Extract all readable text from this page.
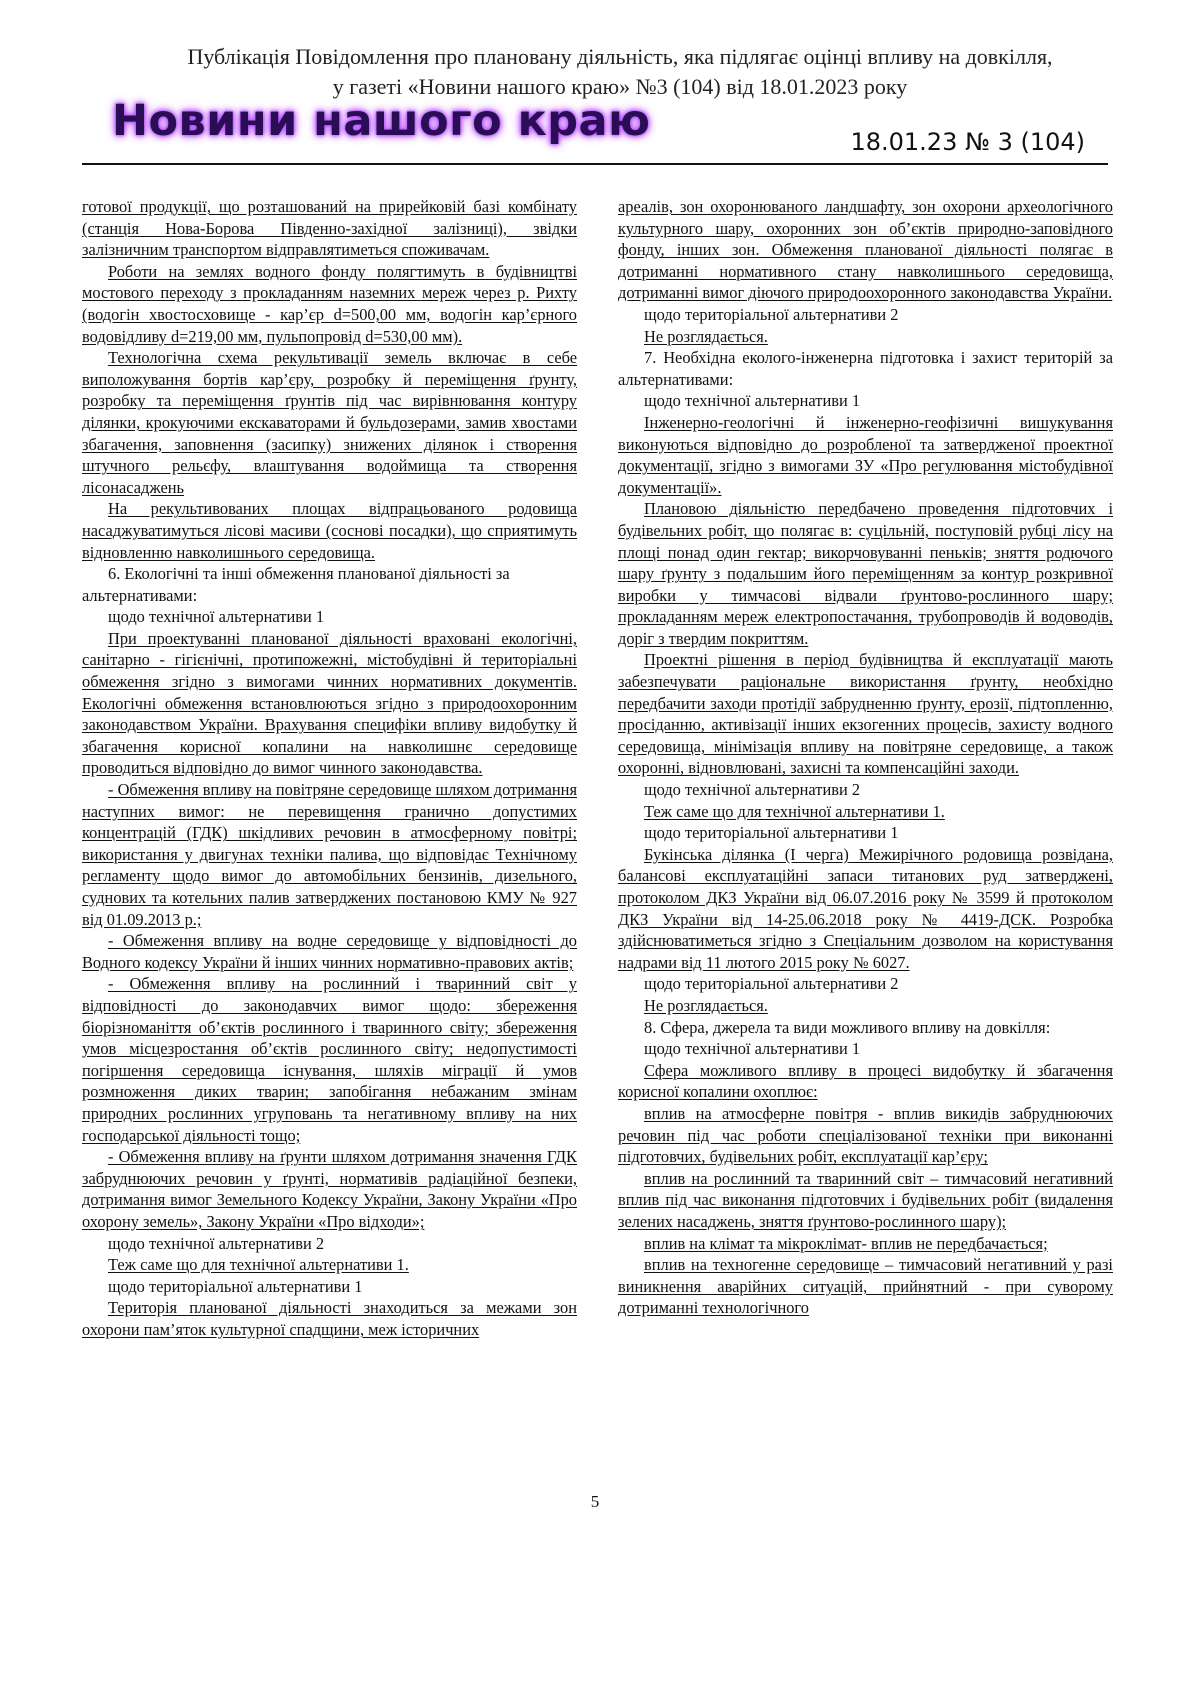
Публікація Повідомлення про плановану діяльність, яка підлягає оцінці впливу на довкілля,
у газеті «Новини нашого краю» №3 (104) від 18.01.2023 року
Новини нашого краю	18.01.23 № 3 (104)

готової продукції, що розташований на прирейковій базі комбінату (станція Нова-Борова Південно-західної залізниці), звідки залізничним транспортом відправлятиметься споживачам.

Роботи на землях водного фонду полягтимуть в будівництві мостового переходу з прокладанням наземних мереж через р. Рихту (водогін хвостосховище - кар’єр d=500,00 мм, водогін кар’єрного водовідливу d=219,00 мм, пульпопровід d=530,00 мм).

Технологічна схема рекультивації земель включає в себе виположування бортів кар’єру, розробку й переміщення ґрунту, розробку та переміщення ґрунтів під час вирівнювання контуру ділянки, крокуючими екскаваторами й бульдозерами, замив хвостами збагачення, заповнення (засипку) знижених ділянок і створення штучного рельєфу, влаштування водоймища та створення лісонасаджень

На рекультивованих площах відпрацьованого родовища насаджуватимуться лісові масиви (соснові посадки), що сприятимуть відновленню навколишнього середовища.

6. Екологічні та інші обмеження планованої діяльності за альтернативами:

щодо технічної альтернативи 1

При проектуванні планованої діяльності враховані екологічні, санітарно - гігієнічні, протипожежні, містобудівні й територіальні обмеження згідно з вимогами чинних нормативних документів. Екологічні обмеження встановлюються згідно з природоохоронним законодавством України. Врахування специфіки впливу видобутку й збагачення корисної копалини на навколишнє середовище проводиться відповідно до вимог чинного законодавства.

- Обмеження впливу на повітряне середовище шляхом дотримання наступних вимог: не перевищення гранично допустимих концентрацій (ГДК) шкідливих речовин в атмосферному повітрі; використання у двигунах техніки палива, що відповідає Технічному регламенту щодо вимог до автомобільних бензинів, дизельного, суднових та котельних палив затверджених постановою КМУ № 927 від 01.09.2013 р.;

- Обмеження впливу на водне середовище у відповідності до Водного кодексу України й інших чинних нормативно-правових актів;

- Обмеження впливу на рослинний і тваринний світ у відповідності до законодавчих вимог щодо: збереження біорізноманіття об’єктів рослинного і тваринного світу; збереження умов місцезростання об’єктів рослинного світу; недопустимості погіршення середовища існування, шляхів міграції й умов розмноження диких тварин; запобігання небажаним змінам природних рослинних угруповань та негативному впливу на них господарської діяльності тощо;

- Обмеження впливу на ґрунти шляхом дотримання значення ГДК забруднюючих речовин у ґрунті, нормативів радіаційної безпеки, дотримання вимог Земельного Кодексу України, Закону України «Про охорону земель», Закону України «Про відходи»;

щодо технічної альтернативи 2

Теж саме що для технічної альтернативи 1.

щодо територіальної альтернативи 1

Територія планованої діяльності знаходиться за межами зон охорони пам’яток культурної спадщини, меж історичних

ареалів, зон охоронюваного ландшафту, зон охорони археологічного культурного шару, охоронних зон об’єктів природно-заповідного фонду, інших зон. Обмеження планованої діяльності полягає в дотриманні нормативного стану навколишнього середовища, дотриманні вимог діючого природоохоронного законодавства України.

щодо територіальної альтернативи 2

Не розглядається.

7. Необхідна еколого-інженерна підготовка і захист територій за альтернативами:

щодо технічної альтернативи 1

Інженерно-геологічні й інженерно-геофізичні вишукування виконуються відповідно до розробленої та затвердженої проектної документації, згідно з вимогами ЗУ «Про регулювання містобудівної документації».

Плановою діяльністю передбачено проведення підготовчих і будівельних робіт, що полягає в: суцільній, поступовій рубці лісу на площі понад один гектар; викорчовуванні пеньків; зняття родючого шару ґрунту з подальшим його переміщенням за контур розкривної виробки у тимчасові відвали ґрунтово-рослинного шару; прокладанням мереж електропостачання, трубопроводів й водоводів, доріг з твердим покриттям.

Проектні рішення в період будівництва й експлуатації мають забезпечувати раціональне використання ґрунту, необхідно передбачити заходи протідії забрудненню ґрунту, ерозії, підтопленню, просіданню, активізації інших екзогенних процесів, захисту водного середовища, мінімізація впливу на повітряне середовище, а також охоронні, відновлювані, захисні та компенсаційні заходи.

щодо технічної альтернативи 2

Теж саме що для технічної альтернативи 1.

щодо територіальної альтернативи 1

Букінська ділянка (І черга) Межирічного родовища розвідана, балансові експлуатаційні запаси титанових руд затверджені, протоколом ДКЗ України від 06.07.2016 року № 3599 й протоколом ДКЗ України від 14-25.06.2018 року № 4419-ДСК. Розробка здійснюватиметься згідно з Спеціальним дозволом на користування надрами від 11 лютого 2015 року № 6027.

щодо територіальної альтернативи 2

Не розглядається.

8. Сфера, джерела та види можливого впливу на довкілля:

щодо технічної альтернативи 1

Сфера можливого впливу в процесі видобутку й збагачення корисної копалини охоплює:

вплив на атмосферне повітря - вплив викидів забруднюючих речовин під час роботи спеціалізованої техніки при виконанні підготовчих, будівельних робіт, експлуатації кар’єру;

вплив на рослинний та тваринний світ – тимчасовий негативний вплив під час виконання підготовчих і будівельних робіт (видалення зелених насаджень, зняття ґрунтово-рослинного шару);

вплив на клімат та мікроклімат- вплив не передбачається;

вплив на техногенне середовище – тимчасовий негативний у разі виникнення аварійних ситуацій, прийнятний - при суворому дотриманні технологічного

5
